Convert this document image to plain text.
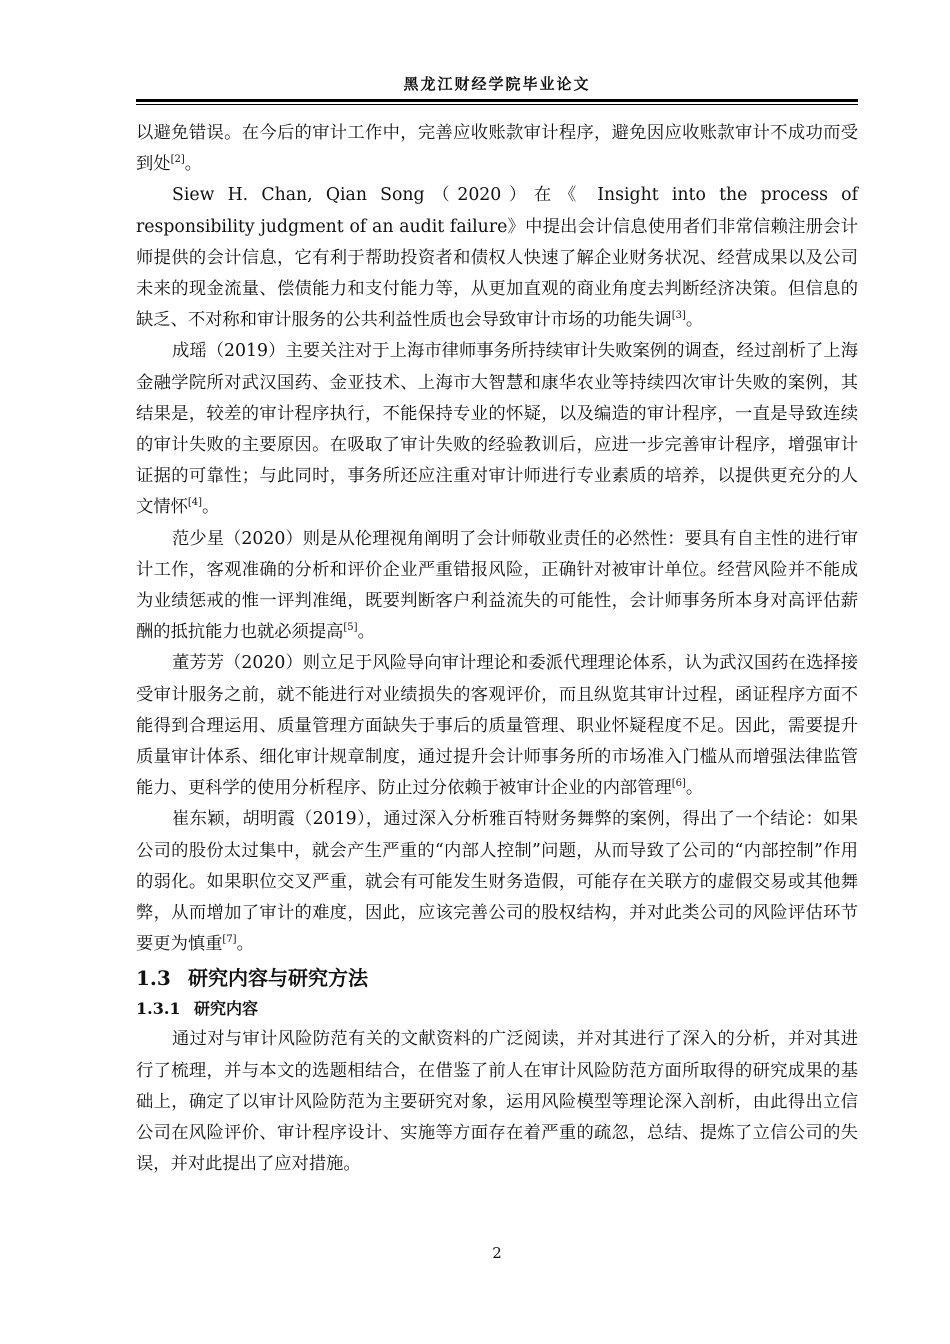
黑龙江财经学院毕业论文

以避免错误。在今后的审计工作中，完善应收账款审计程序，避免因应收账款审计不成功而受到处[2]。

Siew H. Chan, Qian Song（2020）在《 Insight into the process of responsibility judgment of an audit failure》中提出会计信息使用者们非常信赖注册会计师提供的会计信息，它有利于帮助投资者和债权人快速了解企业财务状况、经营成果以及公司未来的现金流量、偿债能力和支付能力等，从更加直观的商业角度去判断经济决策。但信息的缺乏、不对称和审计服务的公共利益性质也会导致审计市场的功能失调[3]。

成瑶（2019）主要关注对于上海市律师事务所持续审计失败案例的调查，经过剖析了上海金融学院所对武汉国药、金亚技术、上海市大智慧和康华农业等持续四次审计失败的案例，其结果是，较差的审计程序执行，不能保持专业的怀疑，以及编造的审计程序，一直是导致连续的审计失败的主要原因。在吸取了审计失败的经验教训后，应进一步完善审计程序，增强审计证据的可靠性；与此同时，事务所还应注重对审计师进行专业素质的培养，以提供更充分的人文情怀[4]。

范少星（2020）则是从伦理视角阐明了会计师敬业责任的必然性：要具有自主性的进行审计工作，客观准确的分析和评价企业严重错报风险，正确针对被审计单位。经营风险并不能成为业绩惩戒的惟一评判准绳，既要判断客户利益流失的可能性，会计师事务所本身对高评估薪酬的抵抗能力也就必须提高[5]。

董芳芳（2020）则立足于风险导向审计理论和委派代理理论体系，认为武汉国药在选择接受审计服务之前，就不能进行对业绩损失的客观评价，而且纵览其审计过程，函证程序方面不能得到合理运用、质量管理方面缺失于事后的质量管理、职业怀疑程度不足。因此，需要提升质量审计体系、细化审计规章制度，通过提升会计师事务所的市场准入门槛从而增强法律监管能力、更科学的使用分析程序、防止过分依赖于被审计企业的内部管理[6]。

崔东颖，胡明霞（2019），通过深入分析雅百特财务舞弊的案例，得出了一个结论：如果公司的股份太过集中，就会产生严重的“内部人控制”问题，从而导致了公司的“内部控制”作用的弱化。如果职位交叉严重，就会有可能发生财务造假，可能存在关联方的虚假交易或其他舞弊，从而增加了审计的难度，因此，应该完善公司的股权结构，并对此类公司的风险评估环节要更为慎重[7]。

1.3 研究内容与研究方法
1.3.1 研究内容

通过对与审计风险防范有关的文献资料的广泛阅读，并对其进行了深入的分析，并对其进行了梳理，并与本文的选题相结合，在借鉴了前人在审计风险防范方面所取得的研究成果的基础上，确定了以审计风险防范为主要研究对象，运用风险模型等理论深入剖析，由此得出立信公司在风险评价、审计程序设计、实施等方面存在着严重的疏忽，总结、提炼了立信公司的失误，并对此提出了应对措施。

2
